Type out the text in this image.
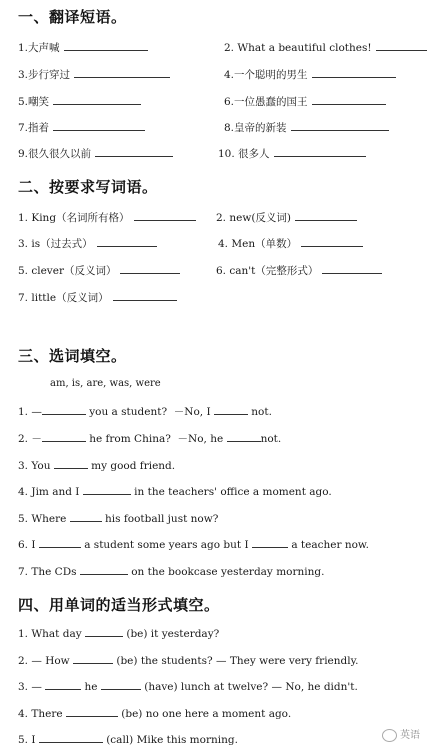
一、翻译短语。
1.大声喊
3.步行穿过
5.嘲笑
7.指着
9.很久很久以前
2. What a beautiful clothes!
4.一个聪明的男生
6.一位愚蠢的国王
8.皇帝的新装
10. 很多人
二、按要求写词语。
1. King（名词所有格）
3. is（过去式）
5. clever（反义词）
7. little（反义词）
2. new(反义词)
4. Men（单数）
6. can't（完整形式）
三、选词填空。
am, is, are, was, were
1. —	you a student? －No, I	not.
2. －	he from China? －No, he	not.
3. You	my good friend.
4. Jim and I	in the teachers' office a moment ago.
5. Where	his football just now?
6. I	a student some years ago but I	a teacher now.
7. The CDs	on the bookcase yesterday morning.
四、用单词的适当形式填空。
1. What day	(be) it yesterday?
2. — How	(be) the students? — They were very friendly.
3. —	he	(have) lunch at twelve? — No, he didn't.
4. There	(be) no one here a moment ago.
5. I	(call) Mike this morning.	英语
